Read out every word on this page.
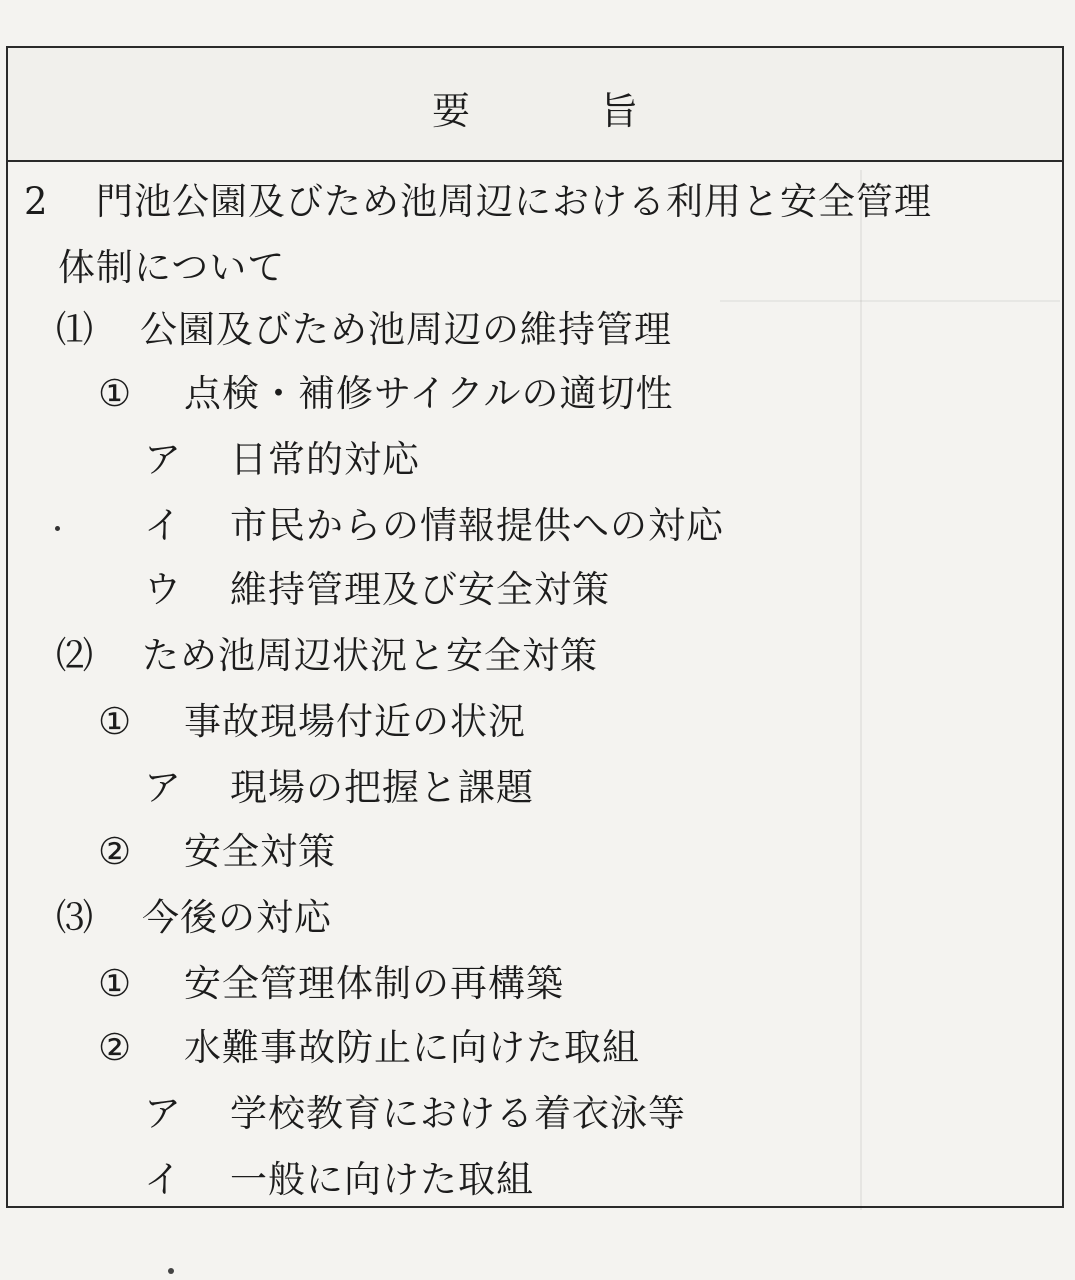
要旨
2 門池公園及びため池周辺における利用と安全管理
体制について
⑴ 公園及びため池周辺の維持管理
① 点検・補修サイクルの適切性
ア 日常的対応
イ 市民からの情報提供への対応
ウ 維持管理及び安全対策
⑵ ため池周辺状況と安全対策
① 事故現場付近の状況
ア 現場の把握と課題
② 安全対策
⑶ 今後の対応
① 安全管理体制の再構築
② 水難事故防止に向けた取組
ア 学校教育における着衣泳等
イ 一般に向けた取組
